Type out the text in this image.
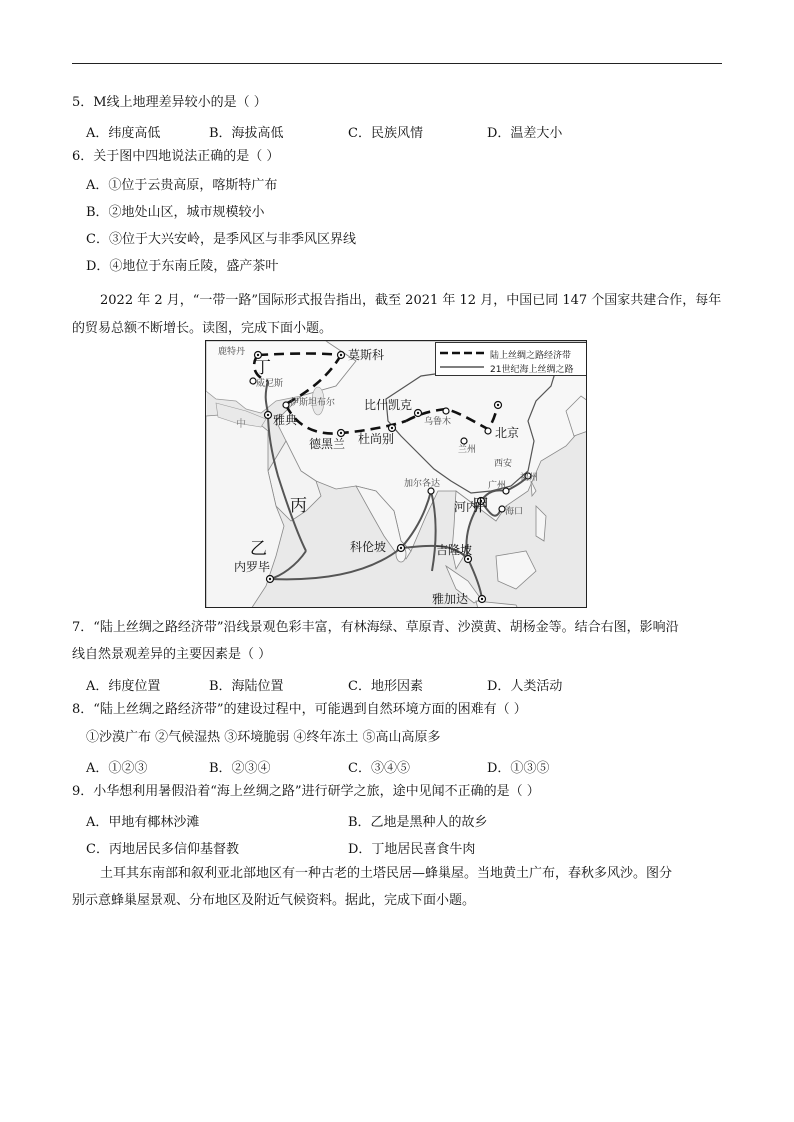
5．M线上地理差异较小的是（ ）
A．纬度高低	B．海拔高低	C．民族风情	D．温差大小
6．关于图中四地说法正确的是（ ）
A．①位于云贵高原，喀斯特广布
B．②地处山区，城市规模较小
C．③位于大兴安岭，是季风区与非季风区界线
D．④地位于东南丘陵，盛产茶叶
2022 年 2 月，“一带一路”国际形式报告指出，截至 2021 年 12 月，中国已同 147 个国家共建合作，每年的贸易总额不断增长。读图，完成下面小题。
陆上丝绸之路经济带
21世纪海上丝绸之路
鹿特丹	莫斯科
丁
威尼斯
伊斯坦布尔
中 雅典
德黑兰 杜尚别
比什凯克
乌鲁木
兰州
西安
北京
加尔各达	广州
福州
河内
甲 海口
丙
科伦坡	吉隆坡
乙
内罗毕
雅加达
7．“陆上丝绸之路经济带”沿线景观色彩丰富，有林海绿、草原青、沙漠黄、胡杨金等。结合右图，影响沿
线自然景观差异的主要因素是（ ）
A．纬度位置	B．海陆位置	C．地形因素	D．人类活动
8．“陆上丝绸之路经济带”的建设过程中，可能遇到自然环境方面的困难有（ ）
①沙漠广布 ②气候湿热 ③环境脆弱 ④终年冻土 ⑤高山高原多
A．①②③	B．②③④	C．③④⑤	D．①③⑤
9．小华想利用暑假沿着“海上丝绸之路”进行研学之旅，途中见闻不正确的是（ ）
A．甲地有椰林沙滩	B．乙地是黑种人的故乡
C．丙地居民多信仰基督教	D．丁地居民喜食牛肉
土耳其东南部和叙利亚北部地区有一种古老的土塔民居—蜂巢屋。当地黄土广布，春秋多风沙。图分
别示意蜂巢屋景观、分布地区及附近气候资料。据此，完成下面小题。
